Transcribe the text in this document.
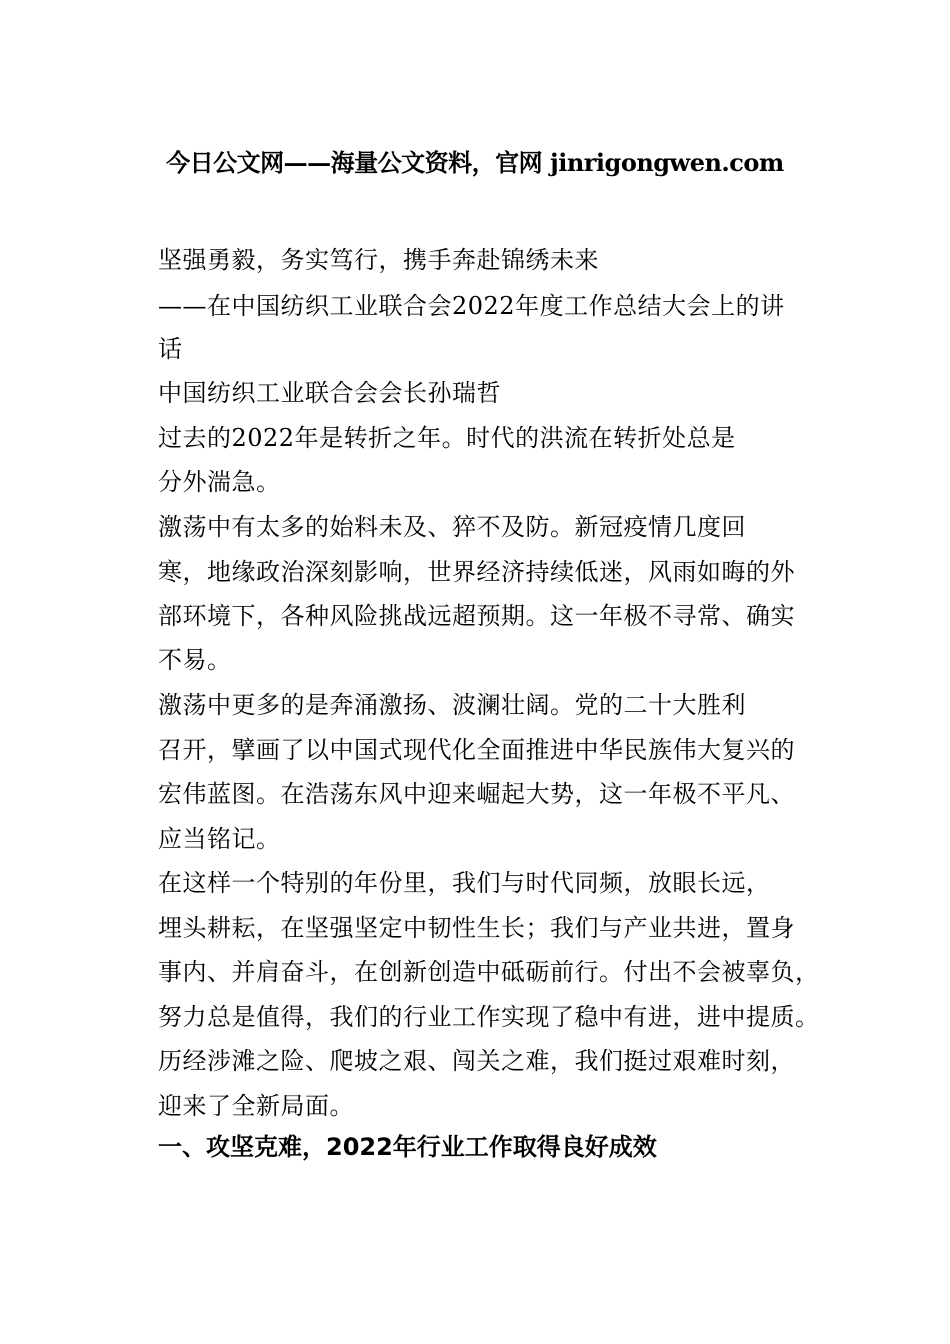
今日公文网——海量公文资料，官网 jinrigongwen.com
坚强勇毅，务实笃行，携手奔赴锦绣未来
——在中国纺织工业联合会2022年度工作总结大会上的讲
话
中国纺织工业联合会会长孙瑞哲
过去的2022年是转折之年。时代的洪流在转折处总是
分外湍急。
激荡中有太多的始料未及、猝不及防。新冠疫情几度回
寒，地缘政治深刻影响，世界经济持续低迷，风雨如晦的外
部环境下，各种风险挑战远超预期。这一年极不寻常、确实
不易。
激荡中更多的是奔涌激扬、波澜壮阔。党的二十大胜利
召开，擘画了以中国式现代化全面推进中华民族伟大复兴的
宏伟蓝图。在浩荡东风中迎来崛起大势，这一年极不平凡、
应当铭记。
在这样一个特别的年份里，我们与时代同频，放眼长远，
埋头耕耘，在坚强坚定中韧性生长；我们与产业共进，置身
事内、并肩奋斗，在创新创造中砥砺前行。付出不会被辜负，
努力总是值得，我们的行业工作实现了稳中有进，进中提质。
历经涉滩之险、爬坡之艰、闯关之难，我们挺过艰难时刻，
迎来了全新局面。
一、攻坚克难，2022年行业工作取得良好成效
